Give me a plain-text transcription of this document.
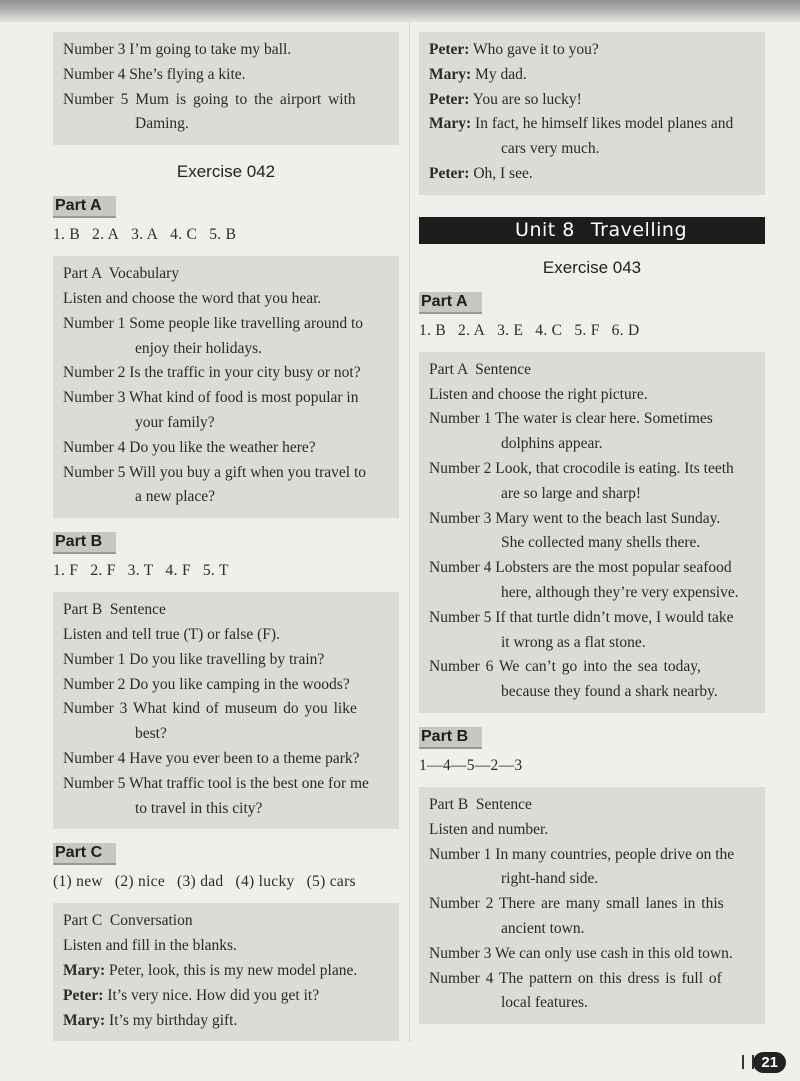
Number 3 I’m going to take my ball.
Number 4 She’s flying a kite.
Number 5 Mum is going to the airport with
Daming.
Exercise 042
Part A
1. B 2. A 3. A 4. C 5. B
Part A  Vocabulary
Listen and choose the word that you hear.
Number 1 Some people like travelling around to
enjoy their holidays.
Number 2 Is the traffic in your city busy or not?
Number 3 What kind of food is most popular in
your family?
Number 4 Do you like the weather here?
Number 5 Will you buy a gift when you travel to
a new place?
Part B
1. F 2. F 3. T 4. F 5. T
Part B  Sentence
Listen and tell true (T) or false (F).
Number 1 Do you like travelling by train?
Number 2 Do you like camping in the woods?
Number 3 What kind of museum do you like
best?
Number 4 Have you ever been to a theme park?
Number 5 What traffic tool is the best one for me
to travel in this city?
Part C
(1) new (2) nice (3) dad (4) lucky (5) cars
Part C  Conversation
Listen and fill in the blanks.
Mary: Peter, look, this is my new model plane.
Peter: It’s very nice. How did you get it?
Mary: It’s my birthday gift.
Peter: Who gave it to you?
Mary: My dad.
Peter: You are so lucky!
Mary: In fact, he himself likes model planes and
cars very much.
Peter: Oh, I see.
Unit 8 Travelling
Exercise 043
Part A
1. B 2. A 3. E 4. C 5. F 6. D
Part A  Sentence
Listen and choose the right picture.
Number 1 The water is clear here. Sometimes
dolphins appear.
Number 2 Look, that crocodile is eating. Its teeth
are so large and sharp!
Number 3 Mary went to the beach last Sunday.
She collected many shells there.
Number 4 Lobsters are the most popular seafood
here, although they’re very expensive.
Number 5 If that turtle didn’t move, I would take
it wrong as a flat stone.
Number 6 We can’t go into the sea today,
because they found a shark nearby.
Part B
1—4—5—2—3
Part B  Sentence
Listen and number.
Number 1 In many countries, people drive on the
right-hand side.
Number 2 There are many small lanes in this
ancient town.
Number 3 We can only use cash in this old town.
Number 4 The pattern on this dress is full of
local features.
21
